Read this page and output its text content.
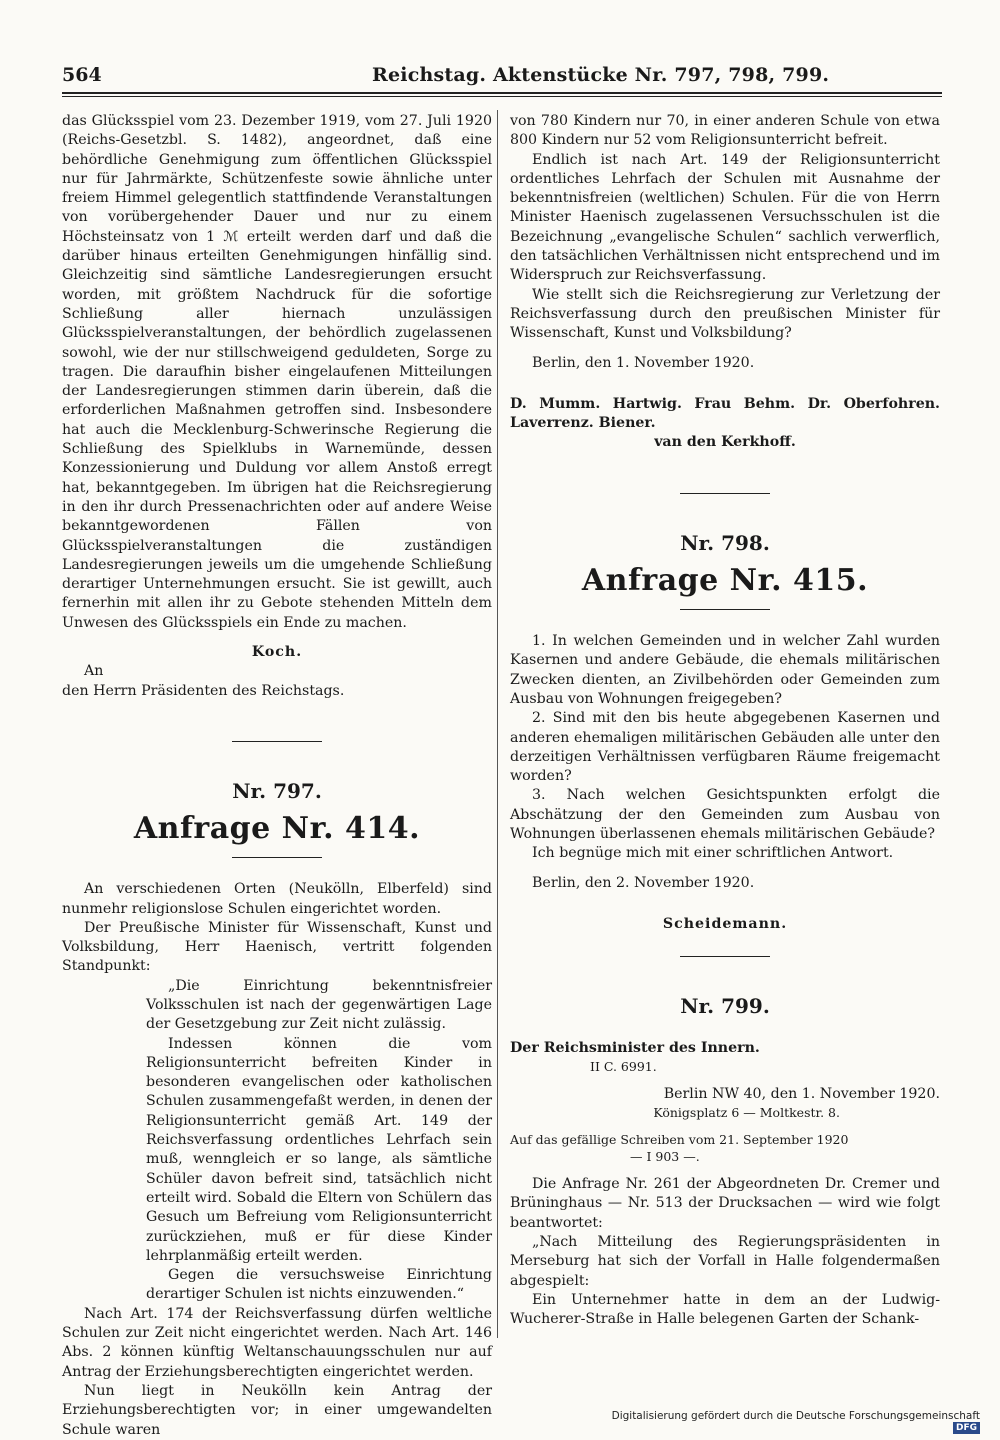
564	Reichstag. Aktenstücke Nr. 797, 798, 799.

das Glücksspiel vom 23. Dezember 1919, vom 27. Juli 1920 (Reichs-Gesetzbl. S. 1482), angeordnet, daß eine behördliche Genehmigung zum öffentlichen Glücksspiel nur für Jahrmärkte, Schützenfeste sowie ähnliche unter freiem Himmel gelegentlich stattfindende Veranstaltungen von vorübergehender Dauer und nur zu einem Höchsteinsatz von 1 ℳ erteilt werden darf und daß die darüber hinaus erteilten Genehmigungen hinfällig sind. Gleichzeitig sind sämtliche Landesregierungen ersucht worden, mit größtem Nachdruck für die sofortige Schließung aller hiernach unzulässigen Glücksspielveranstaltungen, der behördlich zugelassenen sowohl, wie der nur stillschweigend geduldeten, Sorge zu tragen. Die daraufhin bisher eingelaufenen Mitteilungen der Landesregierungen stimmen darin überein, daß die erforderlichen Maßnahmen getroffen sind. Insbesondere hat auch die Mecklenburg-Schwerinsche Regierung die Schließung des Spielklubs in Warnemünde, dessen Konzessionierung und Duldung vor allem Anstoß erregt hat, bekanntgegeben. Im übrigen hat die Reichsregierung in den ihr durch Pressenachrichten oder auf andere Weise bekanntgewordenen Fällen von Glücksspielveranstaltungen die zuständigen Landesregierungen jeweils um die umgehende Schließung derartiger Unternehmungen ersucht. Sie ist gewillt, auch fernerhin mit allen ihr zu Gebote stehenden Mitteln dem Unwesen des Glücksspiels ein Ende zu machen.

Koch.

An

den Herrn Präsidenten des Reichstags.

Nr. 797.

Anfrage Nr. 414.

An verschiedenen Orten (Neukölln, Elberfeld) sind nunmehr religionslose Schulen eingerichtet worden.

Der Preußische Minister für Wissenschaft, Kunst und Volksbildung, Herr Haenisch, vertritt folgenden Standpunkt:

„Die Einrichtung bekenntnisfreier Volksschulen ist nach der gegenwärtigen Lage der Gesetzgebung zur Zeit nicht zulässig.

Indessen können die vom Religionsunterricht befreiten Kinder in besonderen evangelischen oder katholischen Schulen zusammengefaßt werden, in denen der Religionsunterricht gemäß Art. 149 der Reichsverfassung ordentliches Lehrfach sein muß, wenngleich er so lange, als sämtliche Schüler davon befreit sind, tatsächlich nicht erteilt wird. Sobald die Eltern von Schülern das Gesuch um Befreiung vom Religionsunterricht zurückziehen, muß er für diese Kinder lehrplanmäßig erteilt werden.

Gegen die versuchsweise Einrichtung derartiger Schulen ist nichts einzuwenden.“

Nach Art. 174 der Reichsverfassung dürfen weltliche Schulen zur Zeit nicht eingerichtet werden. Nach Art. 146 Abs. 2 können künftig Weltanschauungsschulen nur auf Antrag der Erziehungsberechtigten eingerichtet werden.

Nun liegt in Neukölln kein Antrag der Erziehungsberechtigten vor; in einer umgewandelten Schule waren

von 780 Kindern nur 70, in einer anderen Schule von etwa 800 Kindern nur 52 vom Religionsunterricht befreit.

Endlich ist nach Art. 149 der Religionsunterricht ordentliches Lehrfach der Schulen mit Ausnahme der bekenntnisfreien (weltlichen) Schulen. Für die von Herrn Minister Haenisch zugelassenen Versuchsschulen ist die Bezeichnung „evangelische Schulen“ sachlich verwerflich, den tatsächlichen Verhältnissen nicht entsprechend und im Widerspruch zur Reichsverfassung.

Wie stellt sich die Reichsregierung zur Verletzung der Reichsverfassung durch den preußischen Minister für Wissenschaft, Kunst und Volksbildung?

Berlin, den 1. November 1920.

D. Mumm. Hartwig. Frau Behm. Dr. Oberfohren. Laverrenz. Biener.

van den Kerkhoff.

Nr. 798.

Anfrage Nr. 415.

1. In welchen Gemeinden und in welcher Zahl wurden Kasernen und andere Gebäude, die ehemals militärischen Zwecken dienten, an Zivilbehörden oder Gemeinden zum Ausbau von Wohnungen freigegeben?

2. Sind mit den bis heute abgegebenen Kasernen und anderen ehemaligen militärischen Gebäuden alle unter den derzeitigen Verhältnissen verfügbaren Räume freigemacht worden?

3. Nach welchen Gesichtspunkten erfolgt die Abschätzung der den Gemeinden zum Ausbau von Wohnungen überlassenen ehemals militärischen Gebäude?

Ich begnüge mich mit einer schriftlichen Antwort.

Berlin, den 2. November 1920.

Scheidemann.

Nr. 799.

Der Reichsminister des Innern.

II C. 6991.

Berlin NW 40, den 1. November 1920.

Königsplatz 6 — Moltkestr. 8.

Auf das gefällige Schreiben vom 21. September 1920

— I 903 —.

Die Anfrage Nr. 261 der Abgeordneten Dr. Cremer und Brüninghaus — Nr. 513 der Drucksachen — wird wie folgt beantwortet:

„Nach Mitteilung des Regierungspräsidenten in Merseburg hat sich der Vorfall in Halle folgendermaßen abgespielt:

Ein Unternehmer hatte in dem an der Ludwig-Wucherer-Straße in Halle belegenen Garten der Schank-

Digitalisierung gefördert durch die Deutsche ForschungsgemeinschaftDFG
